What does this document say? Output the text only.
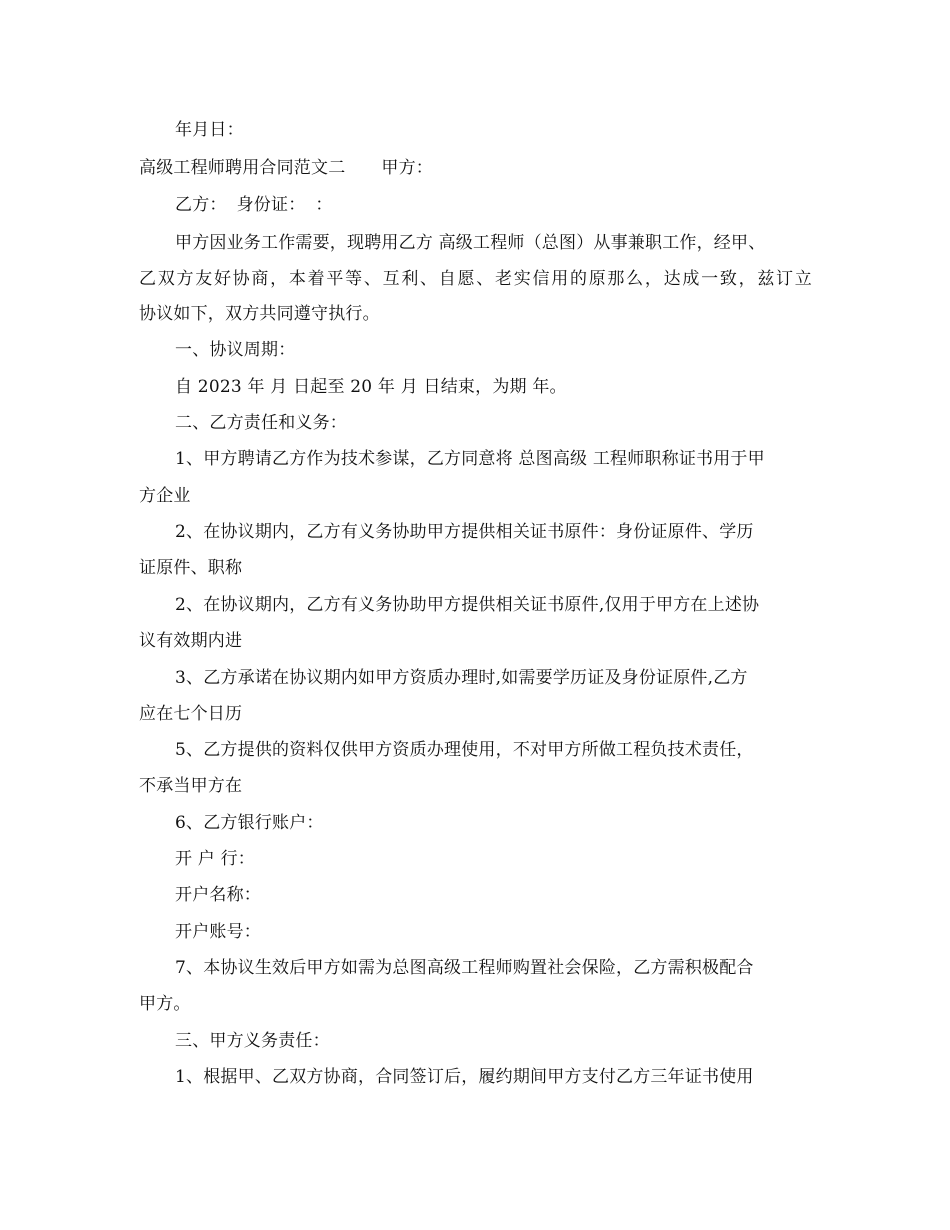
年月日：
高级工程师聘用合同范文二 甲方：
乙方： 身份证： ：
甲方因业务工作需要，现聘用乙方 高级工程师（总图）从事兼职工作，经甲、
乙双方友好协商，本着平等、互利、自愿、老实信用的原那么，达成一致，兹订立
协议如下，双方共同遵守执行。
一、协议周期：
自 2023 年 月 日起至 20 年 月 日结束，为期 年。
二、乙方责任和义务：
1、甲方聘请乙方作为技术参谋，乙方同意将 总图高级 工程师职称证书用于甲
方企业
2、在协议期内，乙方有义务协助甲方提供相关证书原件：身份证原件、学历
证原件、职称
2、在协议期内，乙方有义务协助甲方提供相关证书原件,仅用于甲方在上述协
议有效期内进
3、乙方承诺在协议期内如甲方资质办理时,如需要学历证及身份证原件,乙方
应在七个日历
5、乙方提供的资料仅供甲方资质办理使用，不对甲方所做工程负技术责任，
不承当甲方在
6、乙方银行账户：
开 户 行：
开户名称：
开户账号：
7、本协议生效后甲方如需为总图高级工程师购置社会保险，乙方需积极配合
甲方。
三、甲方义务责任：
1、根据甲、乙双方协商，合同签订后，履约期间甲方支付乙方三年证书使用
